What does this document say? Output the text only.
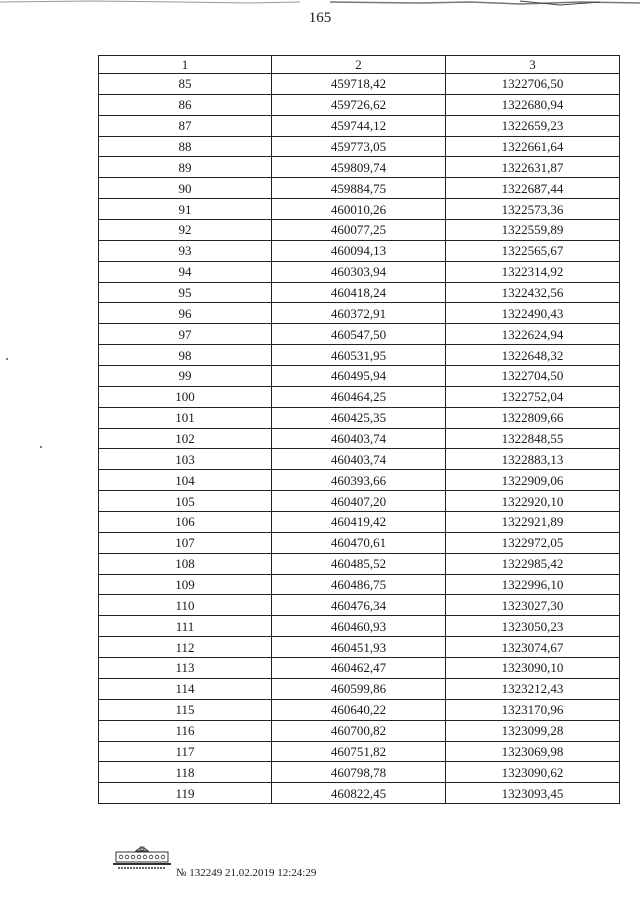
165
1	2	3
85	459718,42	1322706,50
86	459726,62	1322680,94
87	459744,12	1322659,23
88	459773,05	1322661,64
89	459809,74	1322631,87
90	459884,75	1322687,44
91	460010,26	1322573,36
92	460077,25	1322559,89
93	460094,13	1322565,67
94	460303,94	1322314,92
95	460418,24	1322432,56
96	460372,91	1322490,43
97	460547,50	1322624,94
98	460531,95	1322648,32
99	460495,94	1322704,50
100	460464,25	1322752,04
101	460425,35	1322809,66
102	460403,74	1322848,55
103	460403,74	1322883,13
104	460393,66	1322909,06
105	460407,20	1322920,10
106	460419,42	1322921,89
107	460470,61	1322972,05
108	460485,52	1322985,42
109	460486,75	1322996,10
110	460476,34	1323027,30
111	460460,93	1323050,23
112	460451,93	1323074,67
113	460462,47	1323090,10
114	460599,86	1323212,43
115	460640,22	1323170,96
116	460700,82	1323099,28
117	460751,82	1323069,98
118	460798,78	1323090,62
119	460822,45	1323093,45
№ 132249 21.02.2019 12:24:29
